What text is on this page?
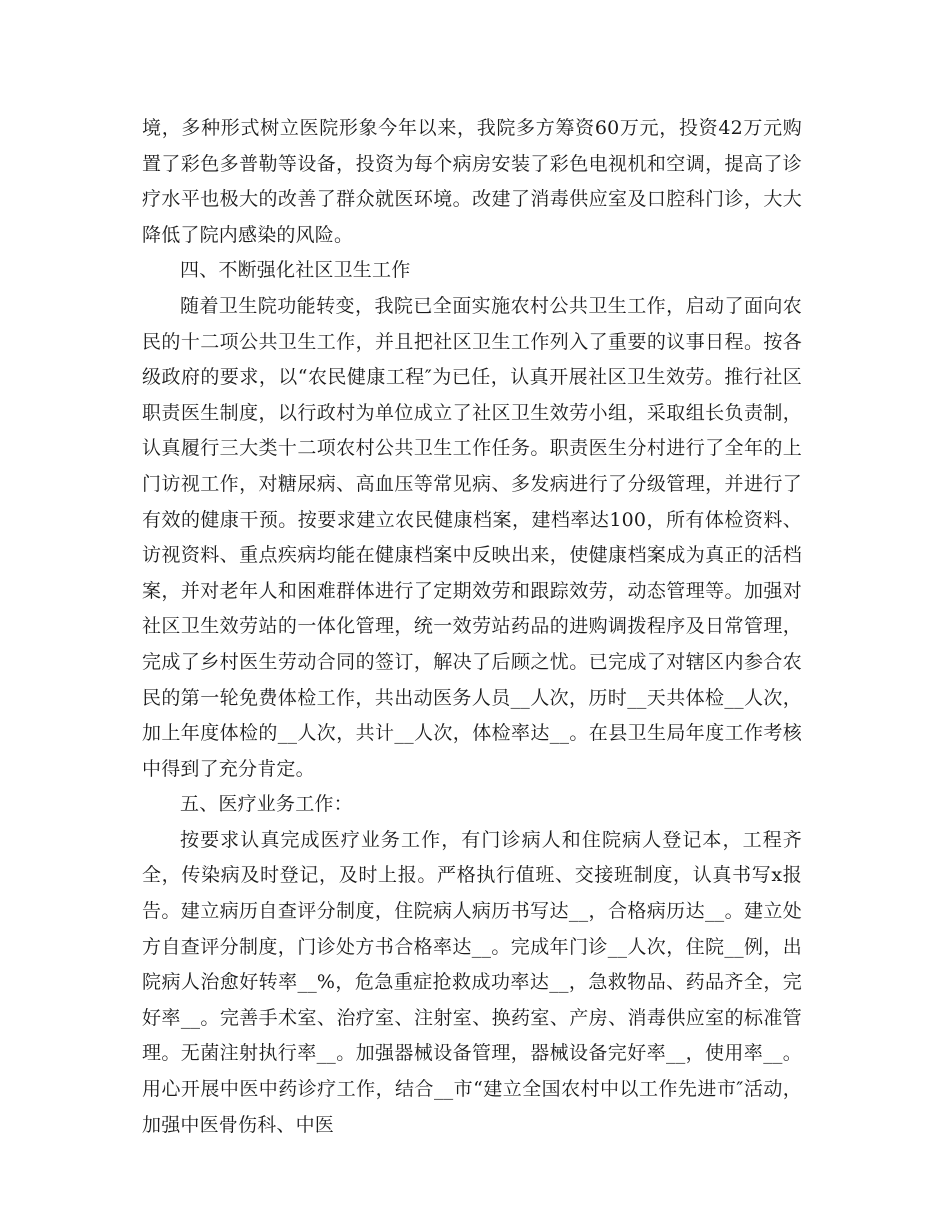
境，多种形式树立医院形象今年以来，我院多方筹资60万元，投资42万元购置了彩色多普勒等设备，投资为每个病房安装了彩色电视机和空调，提高了诊疗水平也极大的改善了群众就医环境。改建了消毒供应室及口腔科门诊，大大降低了院内感染的风险。

四、不断强化社区卫生工作

随着卫生院功能转变，我院已全面实施农村公共卫生工作，启动了面向农民的十二项公共卫生工作，并且把社区卫生工作列入了重要的议事日程。按各级政府的要求，以“农民健康工程″为已任，认真开展社区卫生效劳。推行社区职责医生制度，以行政村为单位成立了社区卫生效劳小组，采取组长负责制，认真履行三大类十二项农村公共卫生工作任务。职责医生分村进行了全年的上门访视工作，对糖尿病、高血压等常见病、多发病进行了分级管理，并进行了有效的健康干预。按要求建立农民健康档案，建档率达100，所有体检资料、访视资料、重点疾病均能在健康档案中反映出来，使健康档案成为真正的活档案，并对老年人和困难群体进行了定期效劳和跟踪效劳，动态管理等。加强对社区卫生效劳站的一体化管理，统一效劳站药品的进购调拨程序及日常管理，完成了乡村医生劳动合同的签订，解决了后顾之忧。已完成了对辖区内参合农民的第一轮免费体检工作，共出动医务人员__人次，历时__天共体检__人次，加上年度体检的__人次，共计__人次，体检率达__。在县卫生局年度工作考核中得到了充分肯定。

五、医疗业务工作：

按要求认真完成医疗业务工作，有门诊病人和住院病人登记本，工程齐全，传染病及时登记，及时上报。严格执行值班、交接班制度，认真书写x报告。建立病历自查评分制度，住院病人病历书写达__，合格病历达__。建立处方自查评分制度，门诊处方书合格率达__。完成年门诊__人次，住院__例，出院病人治愈好转率__%，危急重症抢救成功率达__，急救物品、药品齐全，完好率__。完善手术室、治疗室、注射室、换药室、产房、消毒供应室的标准管理。无菌注射执行率__。加强器械设备管理，器械设备完好率__，使用率__。用心开展中医中药诊疗工作，结合__市“建立全国农村中以工作先进市″活动，加强中医骨伤科、中医
